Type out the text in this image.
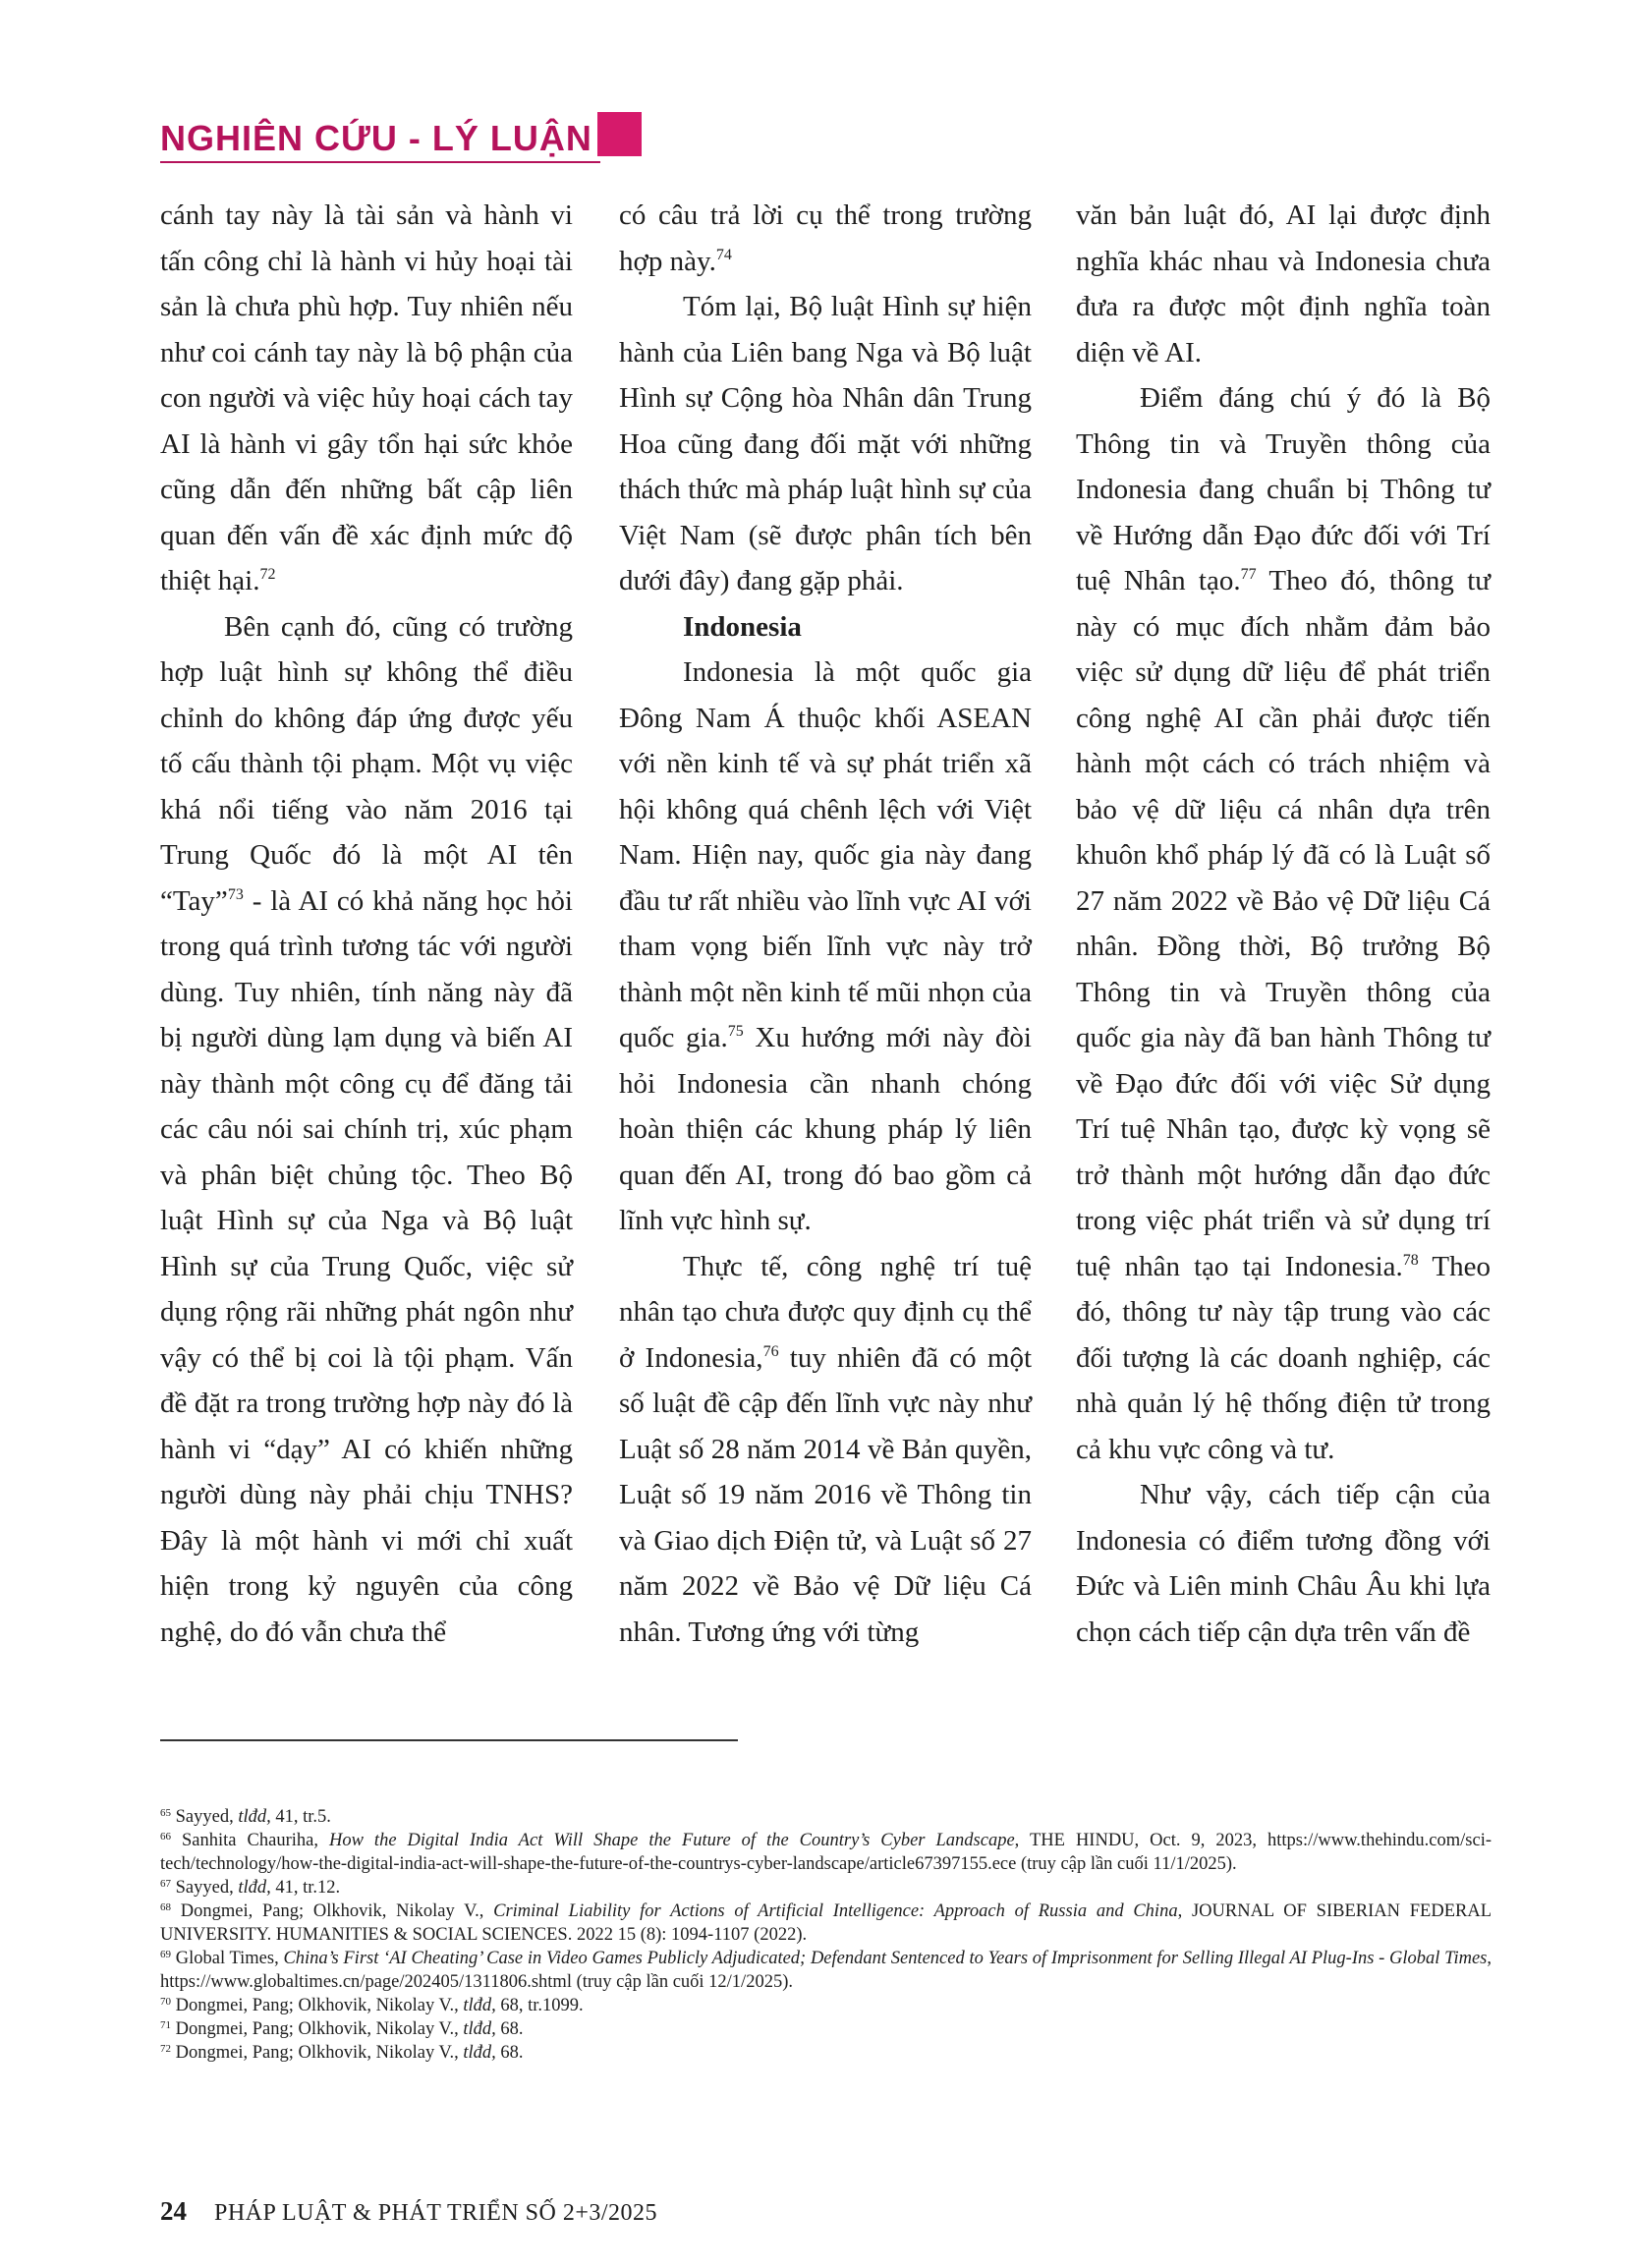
NGHIÊN CỨU - LÝ LUẬN

cánh tay này là tài sản và hành vi tấn công chỉ là hành vi hủy hoại tài sản là chưa phù hợp. Tuy nhiên nếu như coi cánh tay này là bộ phận của con người và việc hủy hoại cách tay AI là hành vi gây tổn hại sức khỏe cũng dẫn đến những bất cập liên quan đến vấn đề xác định mức độ thiệt hại.$^{72}$

Bên cạnh đó, cũng có trường hợp luật hình sự không thể điều chỉnh do không đáp ứng được yếu tố cấu thành tội phạm. Một vụ việc khá nổi tiếng vào năm 2016 tại Trung Quốc đó là một AI tên “Tay”$^{73}$ - là AI có khả năng học hỏi trong quá trình tương tác với người dùng. Tuy nhiên, tính năng này đã bị người dùng lạm dụng và biến AI này thành một công cụ để đăng tải các câu nói sai chính trị, xúc phạm và phân biệt chủng tộc. Theo Bộ luật Hình sự của Nga và Bộ luật Hình sự của Trung Quốc, việc sử dụng rộng rãi những phát ngôn như vậy có thể bị coi là tội phạm. Vấn đề đặt ra trong trường hợp này đó là hành vi “dạy” AI có khiến những người dùng này phải chịu TNHS? Đây là một hành vi mới chỉ xuất hiện trong kỷ nguyên của công nghệ, do đó vẫn chưa thể

có câu trả lời cụ thể trong trường hợp này.$^{74}$

Tóm lại, Bộ luật Hình sự hiện hành của Liên bang Nga và Bộ luật Hình sự Cộng hòa Nhân dân Trung Hoa cũng đang đối mặt với những thách thức mà pháp luật hình sự của Việt Nam (sẽ được phân tích bên dưới đây) đang gặp phải.

Indonesia

Indonesia là một quốc gia Đông Nam Á thuộc khối ASEAN với nền kinh tế và sự phát triển xã hội không quá chênh lệch với Việt Nam. Hiện nay, quốc gia này đang đầu tư rất nhiều vào lĩnh vực AI với tham vọng biến lĩnh vực này trở thành một nền kinh tế mũi nhọn của quốc gia.$^{75}$ Xu hướng mới này đòi hỏi Indonesia cần nhanh chóng hoàn thiện các khung pháp lý liên quan đến AI, trong đó bao gồm cả lĩnh vực hình sự.

Thực tế, công nghệ trí tuệ nhân tạo chưa được quy định cụ thể ở Indonesia,$^{76}$ tuy nhiên đã có một số luật đề cập đến lĩnh vực này như Luật số 28 năm 2014 về Bản quyền, Luật số 19 năm 2016 về Thông tin và Giao dịch Điện tử, và Luật số 27 năm 2022 về Bảo vệ Dữ liệu Cá nhân. Tương ứng với từng

văn bản luật đó, AI lại được định nghĩa khác nhau và Indonesia chưa đưa ra được một định nghĩa toàn diện về AI.

Điểm đáng chú ý đó là Bộ Thông tin và Truyền thông của Indonesia đang chuẩn bị Thông tư về Hướng dẫn Đạo đức đối với Trí tuệ Nhân tạo.$^{77}$ Theo đó, thông tư này có mục đích nhằm đảm bảo việc sử dụng dữ liệu để phát triển công nghệ AI cần phải được tiến hành một cách có trách nhiệm và bảo vệ dữ liệu cá nhân dựa trên khuôn khổ pháp lý đã có là Luật số 27 năm 2022 về Bảo vệ Dữ liệu Cá nhân. Đồng thời, Bộ trưởng Bộ Thông tin và Truyền thông của quốc gia này đã ban hành Thông tư về Đạo đức đối với việc Sử dụng Trí tuệ Nhân tạo, được kỳ vọng sẽ trở thành một hướng dẫn đạo đức trong việc phát triển và sử dụng trí tuệ nhân tạo tại Indonesia.$^{78}$ Theo đó, thông tư này tập trung vào các đối tượng là các doanh nghiệp, các nhà quản lý hệ thống điện tử trong cả khu vực công và tư.

Như vậy, cách tiếp cận của Indonesia có điểm tương đồng với Đức và Liên minh Châu Âu khi lựa chọn cách tiếp cận dựa trên vấn đề

$^{65}$ Sayyed, tlđd, 41, tr.5.

$^{66}$ Sanhita Chauriha, How the Digital India Act Will Shape the Future of the Country’s Cyber Landscape, THE HINDU, Oct. 9, 2023, https://www.thehindu.com/sci-tech/technology/how-the-digital-india-act-will-shape-the-future-of-the-countrys-cyber-landscape/article67397155.ece (truy cập lần cuối 11/1/2025).

$^{67}$ Sayyed, tlđd, 41, tr.12.

$^{68}$ Dongmei, Pang; Olkhovik, Nikolay V., Criminal Liability for Actions of Artificial Intelligence: Approach of Russia and China, JOURNAL OF SIBERIAN FEDERAL UNIVERSITY. HUMANITIES & SOCIAL SCIENCES. 2022 15 (8): 1094-1107 (2022).

$^{69}$ Global Times, China’s First ‘AI Cheating’ Case in Video Games Publicly Adjudicated; Defendant Sentenced to Years of Imprisonment for Selling Illegal AI Plug-Ins - Global Times, https://www.globaltimes.cn/page/202405/1311806.shtml (truy cập lần cuối 12/1/2025).

$^{70}$ Dongmei, Pang; Olkhovik, Nikolay V., tlđd, 68, tr.1099.

$^{71}$ Dongmei, Pang; Olkhovik, Nikolay V., tlđd, 68.

$^{72}$ Dongmei, Pang; Olkhovik, Nikolay V., tlđd, 68.

24 PHÁP LUẬT & PHÁT TRIỂN SỐ 2+3/2025
